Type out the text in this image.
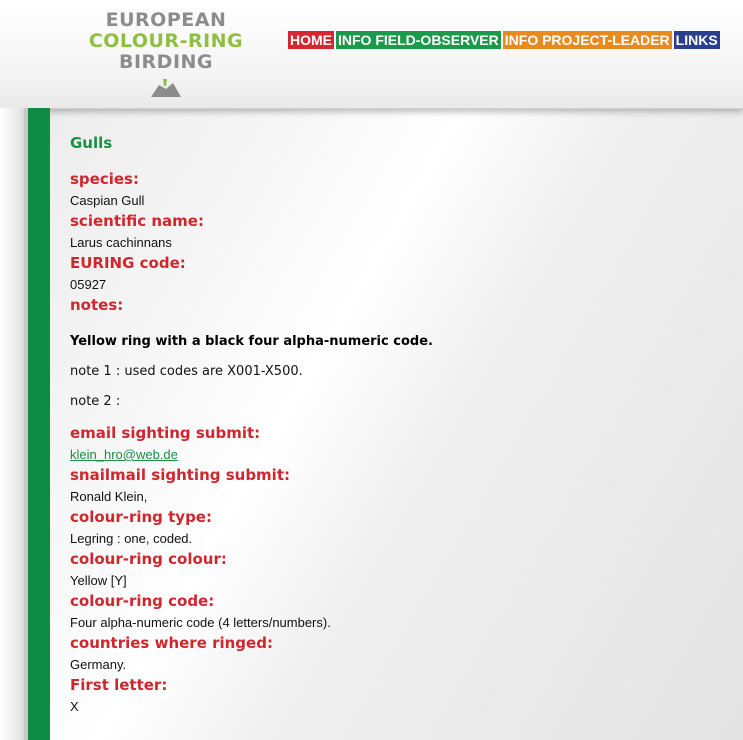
EUROPEAN
COLOUR-RING
BIRDING
HOME INFO FIELD-OBSERVER INFO PROJECT-LEADER LINKS
Gulls
species:
Caspian Gull
scientific name:
Larus cachinnans
EURING code:
05927
notes:
Yellow ring with a black four alpha-numeric code.
note 1 : used codes are X001-X500.
note 2 :
email sighting submit:
klein_hro@web.de
snailmail sighting submit:
Ronald Klein,
colour-ring type:
Legring : one, coded.
colour-ring colour:
Yellow [Y]
colour-ring code:
Four alpha-numeric code (4 letters/numbers).
countries where ringed:
Germany.
First letter:
X
